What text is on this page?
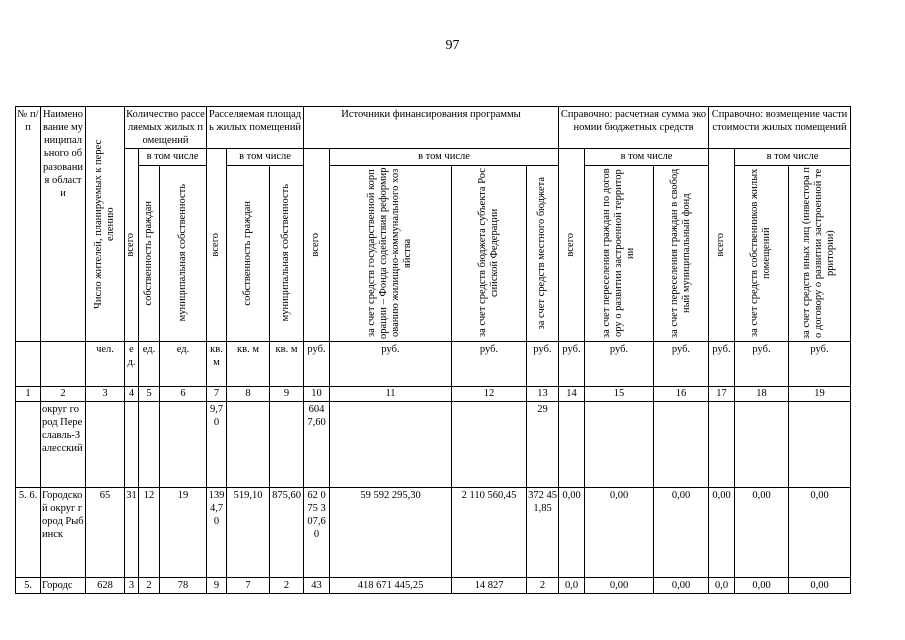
97
№ п/п	Наименование муниципального образования области	Число жителей, планируемых к переселению	Количество расселяемых жилых помещений			Расселяемая площадь жилых помещений			Источники финансирования программы				Справочно: расчетная сумма экономии бюджетных средств			Справочно: возмещение части стоимости жилых помещений		

			всего	в том числе		всего	в том числе		всего	в том числе			всего	в том числе		всего	в том числе	

				собственность граждан	муниципальная собственность		собственность граждан	муниципальная собственность		за счет средств государственной корпорации – Фонда содействия реформированию жилищно-коммунального хозяйства	за счет средств бюджета субъекта Российской Федерации	за счет средств местного бюджета		за счет переселения граждан по договору о развитии застроенной территории	за счет переселения граждан в свободный муниципальный фонд		за счет средств собственников жилых помещений	за счет средств иных лиц (инвестора по договору о развитии застроенной территории)

		чел.	ед.	ед.	ед.	кв. м	кв. м	кв. м	руб.	руб.	руб.	руб.	руб.	руб.	руб.	руб.	руб.	руб.
1	2	3	4	5	6	7	8	9	10	11	12	13	14	15	16	17	18	19
	округ город Переславль-Залесский					9,70			604 7,60			29						
5. 6.	Городской округ город Рыбинск	65	31	12	19	1394,70	519,10	875,60	62 075 3 07,60	59 592 295,30	2 110 560,45	372 451,85	0,00	0,00	0,00	0,00	0,00	0,00
5.	Городс	628	3	2	78	9	7	2	43	418 671 445,25	14 827	2	0,0	0,00	0,00	0,0	0,00	0,00
